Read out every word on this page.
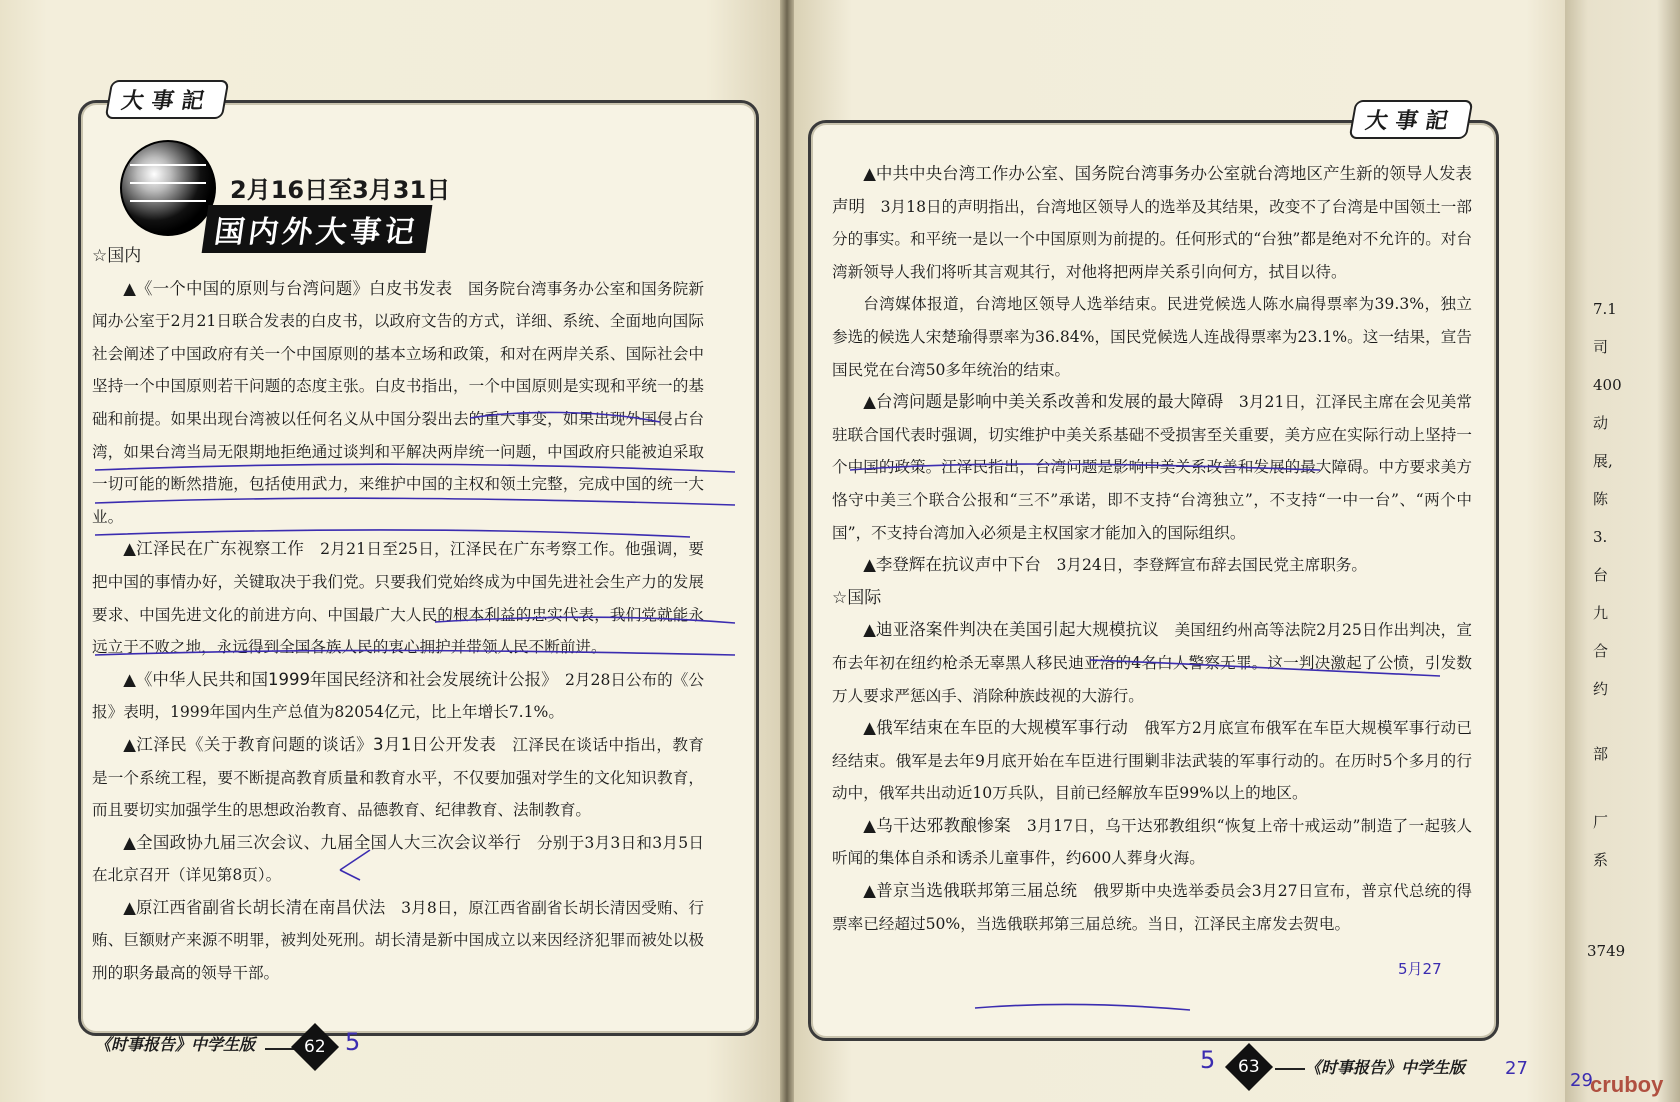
7.1
司
400
动
展,
陈
3.
台
九
合
约
部
厂
系
3749
大事記
2月16日至3月31日
国内外大事记

☆国内

▲《一个中国的原则与台湾问题》白皮书发表　 国务院台湾事务办公室和国务院新闻办公室于2月21日联合发表的白皮书，以政府文告的方式，详细、系统、全面地向国际社会阐述了中国政府有关一个中国原则的基本立场和政策，和对在两岸关系、国际社会中坚持一个中国原则若干问题的态度主张。白皮书指出，一个中国原则是实现和平统一的基础和前提。如果出现台湾被以任何名义从中国分裂出去的重大事变，如果出现外国侵占台湾，如果台湾当局无限期地拒绝通过谈判和平解决两岸统一问题，中国政府只能被迫采取一切可能的断然措施，包括使用武力，来维护中国的主权和领土完整，完成中国的统一大业。

▲江泽民在广东视察工作　 2月21日至25日，江泽民在广东考察工作。他强调，要把中国的事情办好，关键取决于我们党。只要我们党始终成为中国先进社会生产力的发展要求、中国先进文化的前进方向、中国最广大人民的根本利益的忠实代表，我们党就能永远立于不败之地，永远得到全国各族人民的衷心拥护并带领人民不断前进。

▲《中华人民共和国1999年国民经济和社会发展统计公报》　 2月28日公布的《公报》表明，1999年国内生产总值为82054亿元，比上年增长7.1%。

▲江泽民《关于教育问题的谈话》3月1日公开发表　 江泽民在谈话中指出，教育是一个系统工程，要不断提高教育质量和教育水平，不仅要加强对学生的文化知识教育，而且要切实加强学生的思想政治教育、品德教育、纪律教育、法制教育。

▲全国政协九届三次会议、九届全国人大三次会议举行　 分别于3月3日和3月5日在北京召开（详见第8页）。

▲原江西省副省长胡长清在南昌伏法　 3月8日，原江西省副省长胡长清因受贿、行贿、巨额财产来源不明罪，被判处死刑。胡长清是新中国成立以来因经济犯罪而被处以极刑的职务最高的领导干部。

《时事报告》中学生版	62 5
大事記

▲中共中央台湾工作办公室、国务院台湾事务办公室就台湾地区产生新的领导人发表声明　 3月18日的声明指出，台湾地区领导人的选举及其结果，改变不了台湾是中国领土一部分的事实。和平统一是以一个中国原则为前提的。任何形式的“台独”都是绝对不允许的。对台湾新领导人我们将听其言观其行，对他将把两岸关系引向何方，拭目以待。

台湾媒体报道，台湾地区领导人选举结束。民进党候选人陈水扁得票率为39.3%，独立参选的候选人宋楚瑜得票率为36.84%，国民党候选人连战得票率为23.1%。这一结果，宣告国民党在台湾50多年统治的结束。

▲台湾问题是影响中美关系改善和发展的最大障碍　 3月21日，江泽民主席在会见美常驻联合国代表时强调，切实维护中美关系基础不受损害至关重要，美方应在实际行动上坚持一个中国的政策。江泽民指出，台湾问题是影响中美关系改善和发展的最大障碍。中方要求美方恪守中美三个联合公报和“三不”承诺，即不支持“台湾独立”，不支持“一中一台”、“两个中国”，不支持台湾加入必须是主权国家才能加入的国际组织。

▲李登辉在抗议声中下台　 3月24日，李登辉宣布辞去国民党主席职务。

☆国际

▲迪亚洛案件判决在美国引起大规模抗议　 美国纽约州高等法院2月25日作出判决，宣布去年初在纽约枪杀无辜黑人移民迪亚洛的4名白人警察无罪。这一判决激起了公愤，引发数万人要求严惩凶手、消除种族歧视的大游行。

▲俄军结束在车臣的大规模军事行动　 俄军方2月底宣布俄军在车臣大规模军事行动已经结束。俄军是去年9月底开始在车臣进行围剿非法武装的军事行动的。在历时5个多月的行动中，俄军共出动近10万兵队，目前已经解放车臣99%以上的地区。

▲乌干达邪教酿惨案　 3月17日，乌干达邪教组织“恢复上帝十戒运动”制造了一起骇人听闻的集体自杀和诱杀儿童事件，约600人葬身火海。

▲普京当选俄联邦第三届总统　 俄罗斯中央选举委员会3月27日宣布，普京代总统的得票率已经超过50%，当选俄联邦第三届总统。当日，江泽民主席发去贺电。

5	63	《时事报告》中学生版
5月27
27
29
cruboy
